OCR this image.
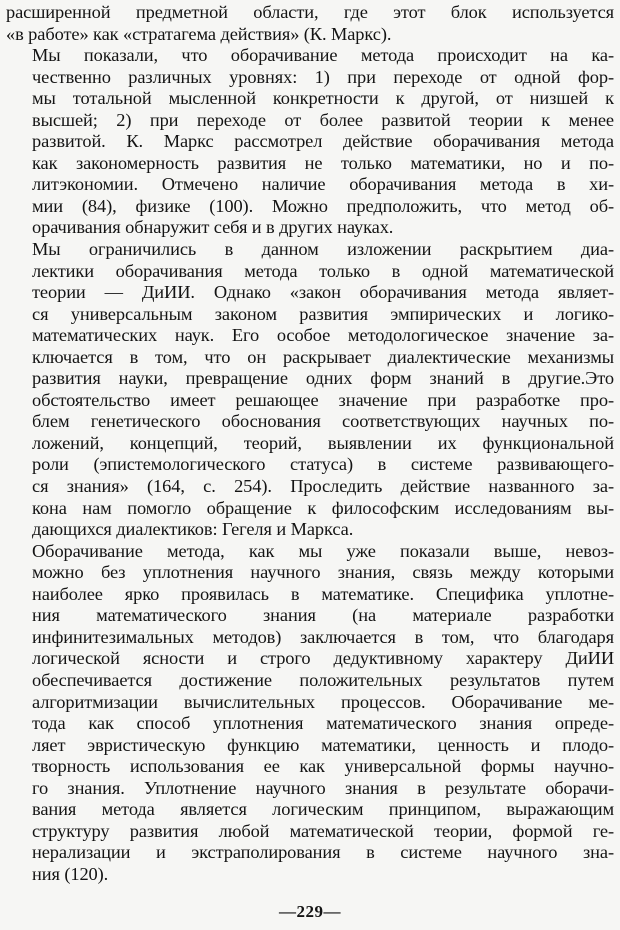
расширенной предметной области, где этот блок используется
«в работе» как «стратагема действия» (К. Маркс).

Мы показали, что оборачивание метода происходит на ка-
чественно различных уровнях: 1) при переходе от одной фор-
мы тотальной мысленной конкретности к другой, от низшей к
высшей; 2) при переходе от более развитой теории к менее
развитой. К. Маркс рассмотрел действие оборачивания метода
как закономерность развития не только математики, но и по-
литэкономии. Отмечено наличие оборачивания метода в хи-
мии (84), физике (100). Можно предположить, что метод об-
орачивания обнаружит себя и в других науках.

Мы ограничились в данном изложении раскрытием диа-
лектики оборачивания метода только в одной математической
теории — ДиИИ. Однако «закон оборачивания метода являет-
ся универсальным законом развития эмпирических и логико-
математических наук. Его особое методологическое значение за-
ключается в том, что он раскрывает диалектические механизмы
развития науки, превращение одних форм знаний в другие.Это
обстоятельство имеет решающее значение при разработке про-
блем генетического обоснования соответствующих научных по-
ложений, концепций, теорий, выявлении их функциональной
роли (эпистемологического статуса) в системе развивающего-
ся знания» (164, с. 254). Проследить действие названного за-
кона нам помогло обращение к философским исследованиям вы-
дающихся диалектиков: Гегеля и Маркса.

Оборачивание метода, как мы уже показали выше, невоз-
можно без уплотнения научного знания, связь между которыми
наиболее ярко проявилась в математике. Специфика уплотне-
ния математического знания (на материале разработки
инфинитезимальных методов) заключается в том, что благодаря
логической ясности и строго дедуктивному характеру ДиИИ
обеспечивается достижение положительных результатов путем
алгоритмизации вычислительных процессов. Оборачивание ме-
тода как способ уплотнения математического знания опреде-
ляет эвристическую функцию математики, ценность и плодо-
творность использования ее как универсальной формы научно-
го знания. Уплотнение научного знания в результате оборачи-
вания метода является логическим принципом, выражающим
структуру развития любой математической теории, формой ге-
нерализации и экстраполирования в системе научного зна-
ния (120).

—229—
